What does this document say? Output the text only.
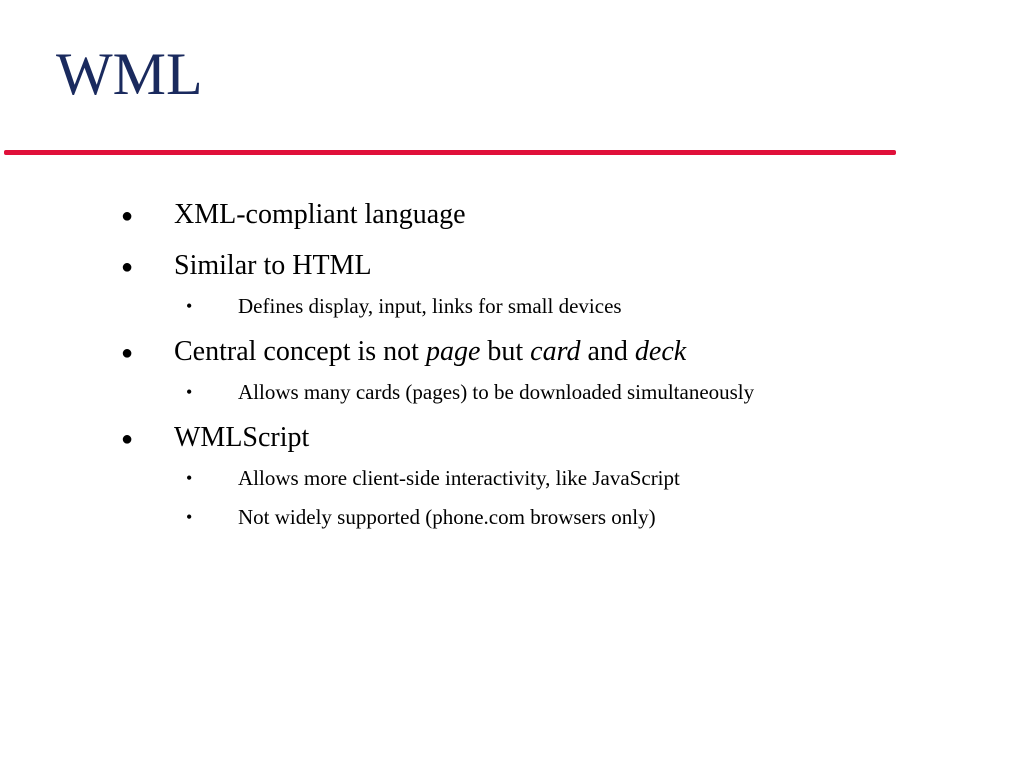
WML
● XML-compliant language
● Similar to HTML
• Defines display, input, links for small devices
● Central concept is not page but card and deck
• Allows many cards (pages) to be downloaded simultaneously
● WMLScript
• Allows more client-side interactivity, like JavaScript
• Not widely supported (phone.com browsers only)
